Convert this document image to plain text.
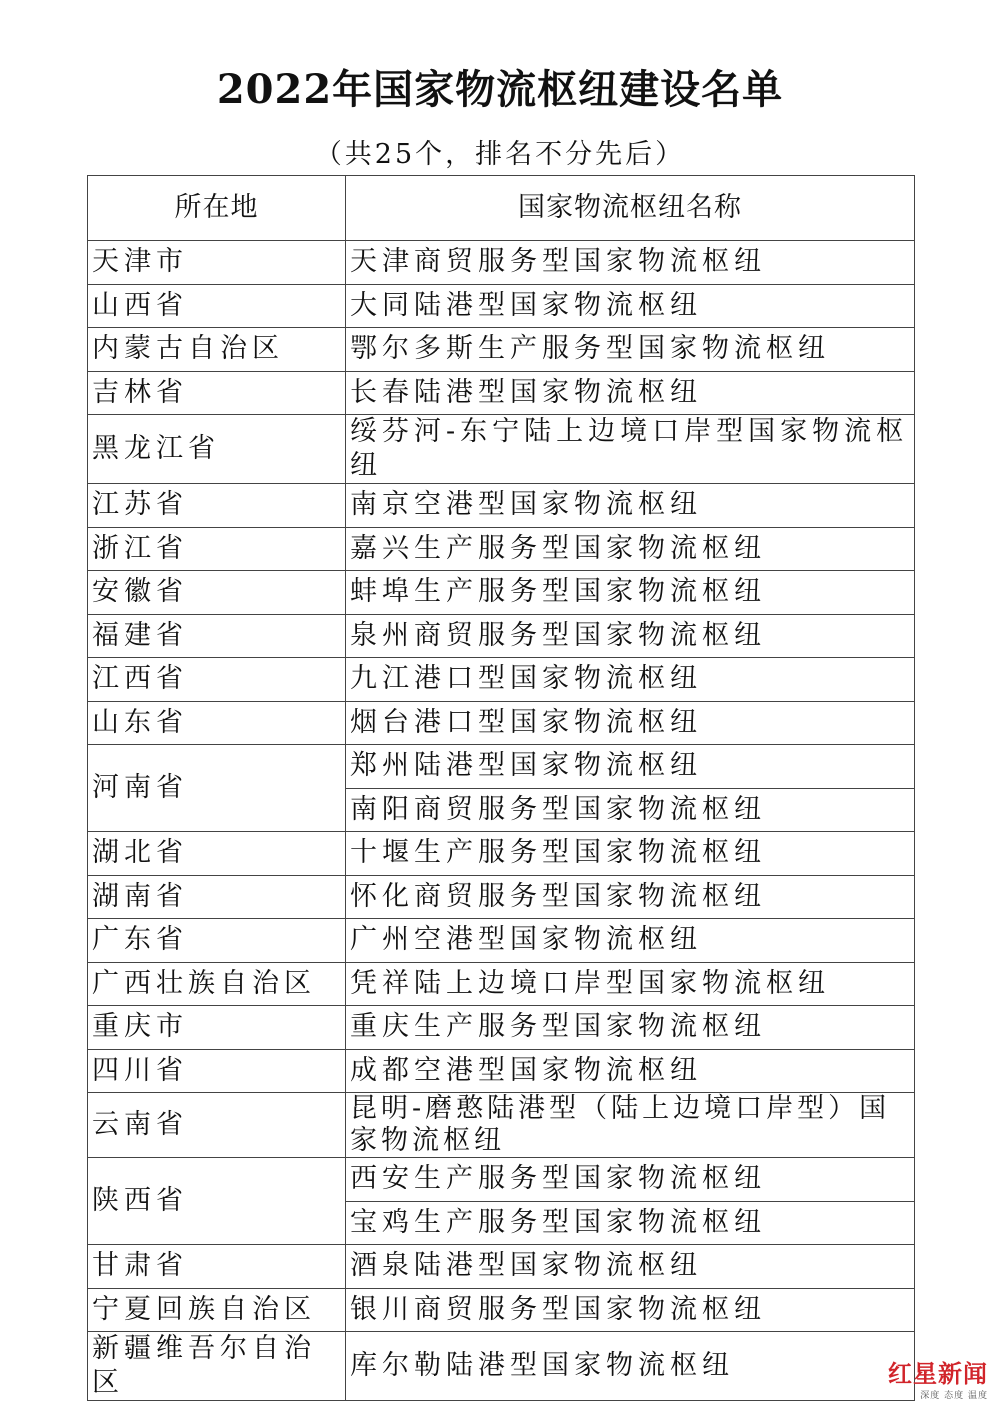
2022年国家物流枢纽建设名单
（共25个，排名不分先后）
所在地	国家物流枢纽名称
天津市	天津商贸服务型国家物流枢纽
山西省	大同陆港型国家物流枢纽
内蒙古自治区	鄂尔多斯生产服务型国家物流枢纽
吉林省	长春陆港型国家物流枢纽
黑龙江省	绥芬河-东宁陆上边境口岸型国家物流枢纽
江苏省	南京空港型国家物流枢纽
浙江省	嘉兴生产服务型国家物流枢纽
安徽省	蚌埠生产服务型国家物流枢纽
福建省	泉州商贸服务型国家物流枢纽
江西省	九江港口型国家物流枢纽
山东省	烟台港口型国家物流枢纽
河南省	郑州陆港型国家物流枢纽
	南阳商贸服务型国家物流枢纽
湖北省	十堰生产服务型国家物流枢纽
湖南省	怀化商贸服务型国家物流枢纽
广东省	广州空港型国家物流枢纽
广西壮族自治区	凭祥陆上边境口岸型国家物流枢纽
重庆市	重庆生产服务型国家物流枢纽
四川省	成都空港型国家物流枢纽
云南省	昆明-磨憨陆港型（陆上边境口岸型）国家物流枢纽
陕西省	西安生产服务型国家物流枢纽
	宝鸡生产服务型国家物流枢纽
甘肃省	酒泉陆港型国家物流枢纽
宁夏回族自治区	银川商贸服务型国家物流枢纽
新疆维吾尔自治区	库尔勒陆港型国家物流枢纽	红星新闻
深度 态度 温度
